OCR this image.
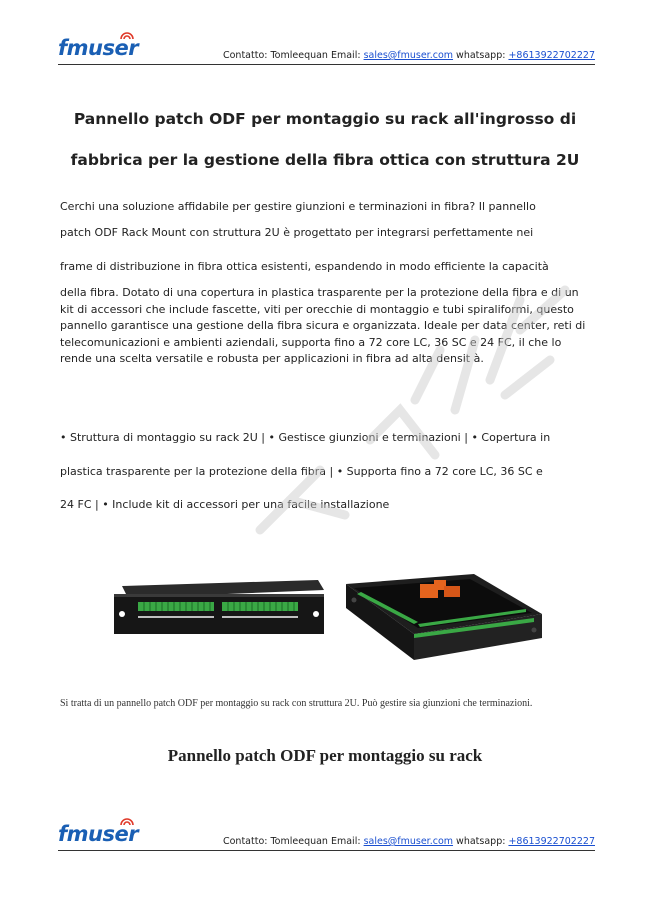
fmuser	Contatto: Tomleequan Email: sales@fmuser.com whatsapp: +8613922702227
Pannello patch ODF per montaggio su rack all'ingrosso di
fabbrica per la gestione della fibra ottica con struttura 2U
Cerchi una soluzione affidabile per gestire giunzioni e terminazioni in fibra? Il pannello
patch ODF Rack Mount con struttura 2U è progettato per integrarsi perfettamente nei
frame di distribuzione in fibra ottica esistenti, espandendo in modo efficiente la capacità
della fibra. Dotato di una copertura in plastica trasparente per la protezione della fibra e di un kit di accessori che include fascette, viti per orecchie di montaggio e tubi spiraliformi, questo pannello garantisce una gestione della fibra sicura e organizzata. Ideale per data center, reti di telecomunicazioni e ambienti aziendali, supporta fino a 72 core LC, 36 SC e 24 FC, il che lo rende una scelta versatile e robusta per applicazioni in fibra ad alta densit à.
• Struttura di montaggio su rack 2U | • Gestisce giunzioni e terminazioni | • Copertura in
plastica trasparente per la protezione della fibra | • Supporta fino a 72 core LC, 36 SC e
24 FC | • Include kit di accessori per una facile installazione
Si tratta di un pannello patch ODF per montaggio su rack con struttura 2U. Può gestire sia giunzioni che terminazioni.
Pannello patch ODF per montaggio su rack
fmuser	Contatto: Tomleequan Email: sales@fmuser.com whatsapp: +8613922702227
